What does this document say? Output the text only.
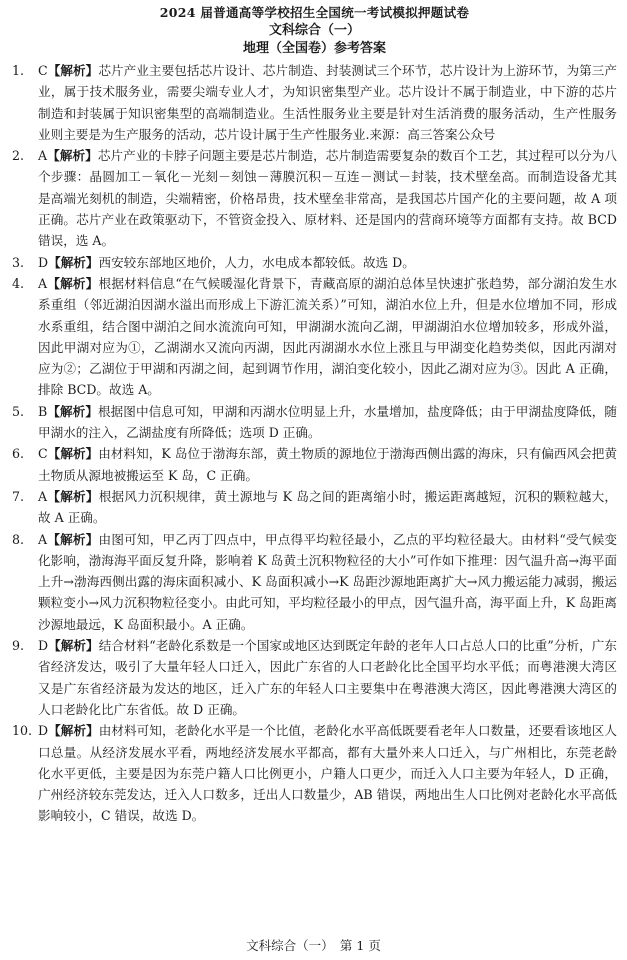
2024 届普通高等学校招生全国统一考试模拟押题试卷
文科综合（一）
地理（全国卷）参考答案
1.	C【解析】芯片产业主要包括芯片设计、芯片制造、封装测试三个环节，芯片设计为上游环节，为第三产业，属于技术服务业，需要尖端专业人才，为知识密集型产业。芯片设计不属于制造业，中下游的芯片制造和封装属于知识密集型的高端制造业。生活性服务业主要是针对生活消费的服务活动，生产性服务业则主要是为生产服务的活动，芯片设计属于生产性服务业.来源：高三答案公众号
2.	A【解析】芯片产业的卡脖子问题主要是芯片制造，芯片制造需要复杂的数百个工艺，其过程可以分为八个步骤：晶圆加工－氧化－光刻－刻蚀－薄膜沉积－互连－测试－封装，技术壁垒高。而制造设备尤其是高端光刻机的制造，尖端精密，价格昂贵，技术壁垒非常高，是我国芯片国产化的主要问题，故 A 项正确。芯片产业在政策驱动下，不管资金投入、原材料、还是国内的营商环境等方面都有支持。故 BCD 错误，选 A。
3.	D【解析】西安较东部地区地价，人力，水电成本都较低。故选 D。
4.	A【解析】根据材料信息“在气候暖湿化背景下，青藏高原的湖泊总体呈快速扩张趋势，部分湖泊发生水系重组（邻近湖泊因湖水溢出而形成上下游汇流关系）”可知，湖泊水位上升，但是水位增加不同，形成水系重组，结合图中湖泊之间水流流向可知，甲湖湖水流向乙湖，甲湖湖泊水位增加较多，形成外溢，因此甲湖对应为①，乙湖湖水又流向丙湖，因此丙湖湖水水位上涨且与甲湖变化趋势类似，因此丙湖对应为②；乙湖位于甲湖和丙湖之间，起到调节作用，湖泊变化较小，因此乙湖对应为③。因此 A 正确，排除 BCD。故选 A。
5.	B【解析】根据图中信息可知，甲湖和丙湖水位明显上升，水量增加，盐度降低；由于甲湖盐度降低，随甲湖水的注入，乙湖盐度有所降低；选项 D 正确。
6.	C【解析】由材料知，K 岛位于渤海东部，黄土物质的源地位于渤海西侧出露的海床，只有偏西风会把黄土物质从源地被搬运至 K 岛，C 正确。
7.	A【解析】根据风力沉积规律，黄土源地与 K 岛之间的距离缩小时，搬运距离越短，沉积的颗粒越大，故 A 正确。
8.	A【解析】由图可知，甲乙丙丁四点中，甲点得平均粒径最小，乙点的平均粒径最大。由材料“受气候变化影响，渤海海平面反复升降，影响着 K 岛黄土沉积物粒径的大小”可作如下推理：因气温升高→海平面上升→渤海西侧出露的海床面积减小、K 岛面积减小→K 岛距沙源地距离扩大→风力搬运能力减弱，搬运颗粒变小→风力沉积物粒径变小。由此可知，平均粒径最小的甲点，因气温升高，海平面上升，K 岛距离沙源地最远，K 岛面积最小。A 正确。
9.	D【解析】结合材料“老龄化系数是一个国家或地区达到既定年龄的老年人口占总人口的比重”分析，广东省经济发达，吸引了大量年轻人口迁入，因此广东省的人口老龄化比全国平均水平低；而粤港澳大湾区又是广东省经济最为发达的地区，迁入广东的年轻人口主要集中在粤港澳大湾区，因此粤港澳大湾区的人口老龄化比广东省低。故 D 正确。
10. D【解析】由材料可知，老龄化水平是一个比值，老龄化水平高低既要看老年人口数量，还要看该地区人口总量。从经济发展水平看，两地经济发展水平都高，都有大量外来人口迁入，与广州相比，东莞老龄化水平更低，主要是因为东莞户籍人口比例更小，户籍人口更少，而迁入人口主要为年轻人，D 正确，广州经济较东莞发达，迁入人口数多，迁出人口数量少，AB 错误，两地出生人口比例对老龄化水平高低影响较小，C 错误，故选 D。
文科综合（一）　第 1 页
